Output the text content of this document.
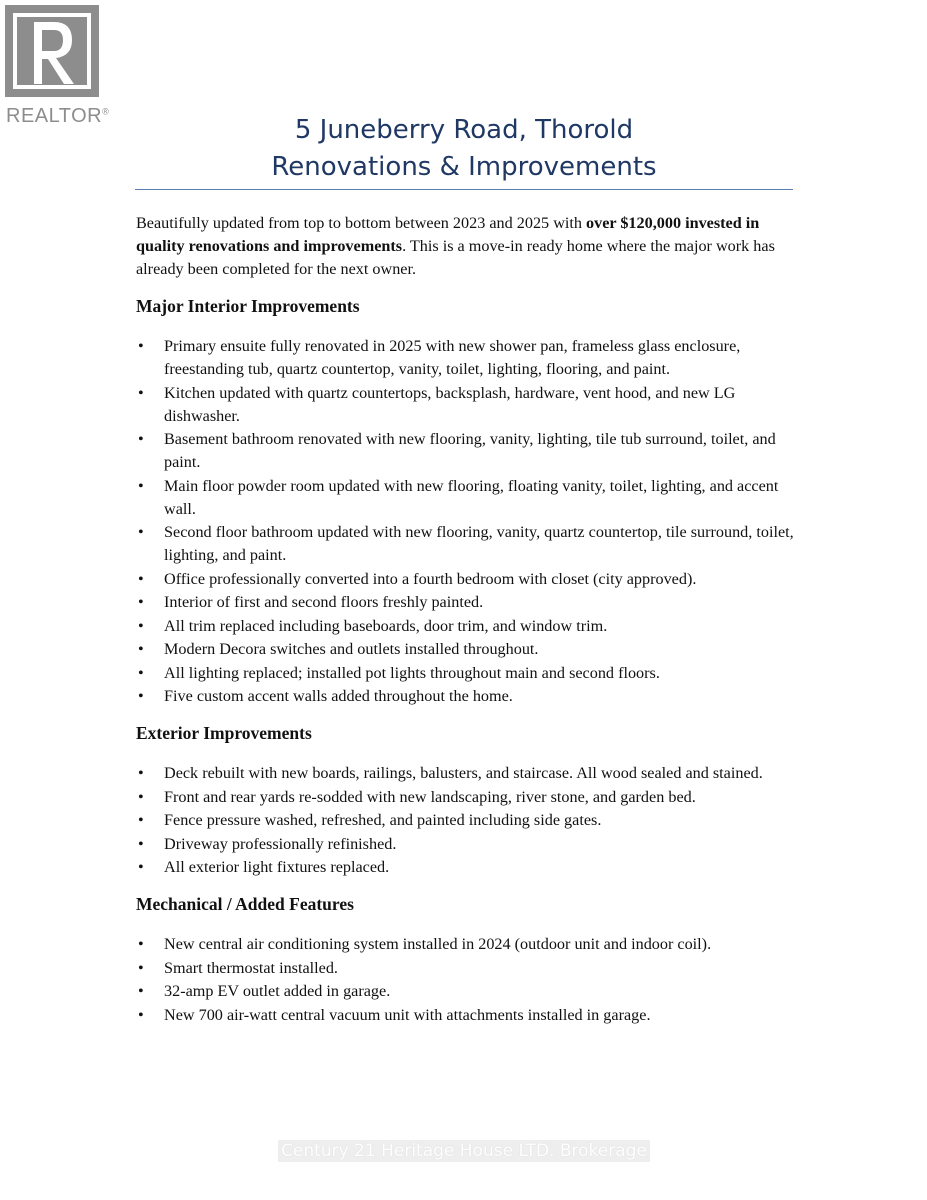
REALTOR®
5 Juneberry Road, Thorold
Renovations & Improvements

Beautifully updated from top to bottom between 2023 and 2025 with over $120,000 invested in quality renovations and improvements. This is a move-in ready home where the major work has already been completed for the next owner.

Major Interior Improvements
• Primary ensuite fully renovated in 2025 with new shower pan, frameless glass enclosure, freestanding tub, quartz countertop, vanity, toilet, lighting, flooring, and paint.
• Kitchen updated with quartz countertops, backsplash, hardware, vent hood, and new LG dishwasher.
• Basement bathroom renovated with new flooring, vanity, lighting, tile tub surround, toilet, and paint.
• Main floor powder room updated with new flooring, floating vanity, toilet, lighting, and accent wall.
• Second floor bathroom updated with new flooring, vanity, quartz countertop, tile surround, toilet, lighting, and paint.
• Office professionally converted into a fourth bedroom with closet (city approved).
• Interior of first and second floors freshly painted.
• All trim replaced including baseboards, door trim, and window trim.
• Modern Decora switches and outlets installed throughout.
• All lighting replaced; installed pot lights throughout main and second floors.
• Five custom accent walls added throughout the home.
Exterior Improvements
• Deck rebuilt with new boards, railings, balusters, and staircase. All wood sealed and stained.
• Front and rear yards re-sodded with new landscaping, river stone, and garden bed.
• Fence pressure washed, refreshed, and painted including side gates.
• Driveway professionally refinished.
• All exterior light fixtures replaced.
Mechanical / Added Features
• New central air conditioning system installed in 2024 (outdoor unit and indoor coil).
• Smart thermostat installed.
• 32-amp EV outlet added in garage.
• New 700 air-watt central vacuum unit with attachments installed in garage.
Century 21 Heritage House LTD. Brokerage
